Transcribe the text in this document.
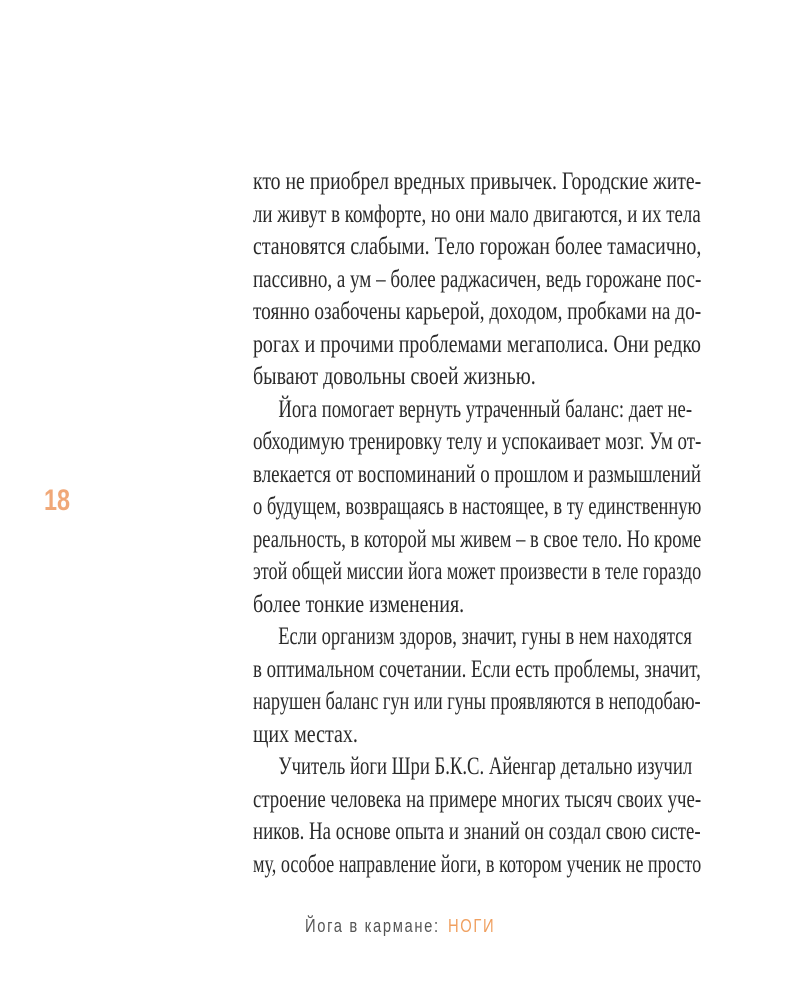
18
кто не приобрел вредных привычек. Городские жите-
ли живут в комфорте, но они мало двигаются, и их тела
становятся слабыми. Тело горожан более тамасично,
пассивно, а ум – более раджасичен, ведь горожане пос-
тоянно озабочены карьерой, доходом, пробками на до-
рогах и прочими проблемами мегаполиса. Они редко
бывают довольны своей жизнью.
Йога помогает вернуть утраченный баланс: дает не-
обходимую тренировку телу и успокаивает мозг. Ум от-
влекается от воспоминаний о прошлом и размышлений
о будущем, возвращаясь в настоящее, в ту единственную
реальность, в которой мы живем – в свое тело. Но кроме
этой общей миссии йога может произвести в теле гораздо
более тонкие изменения.
Если организм здоров, значит, гуны в нем находятся
в оптимальном сочетании. Если есть проблемы, значит,
нарушен баланс гун или гуны проявляются в неподобаю-
щих местах.
Учитель йоги Шри Б.К.С. Айенгар детально изучил
строение человека на примере многих тысяч своих уче-
ников. На основе опыта и знаний он создал свою систе-
му, особое направление йоги, в котором ученик не просто
Йога в кармане: НОГИ
